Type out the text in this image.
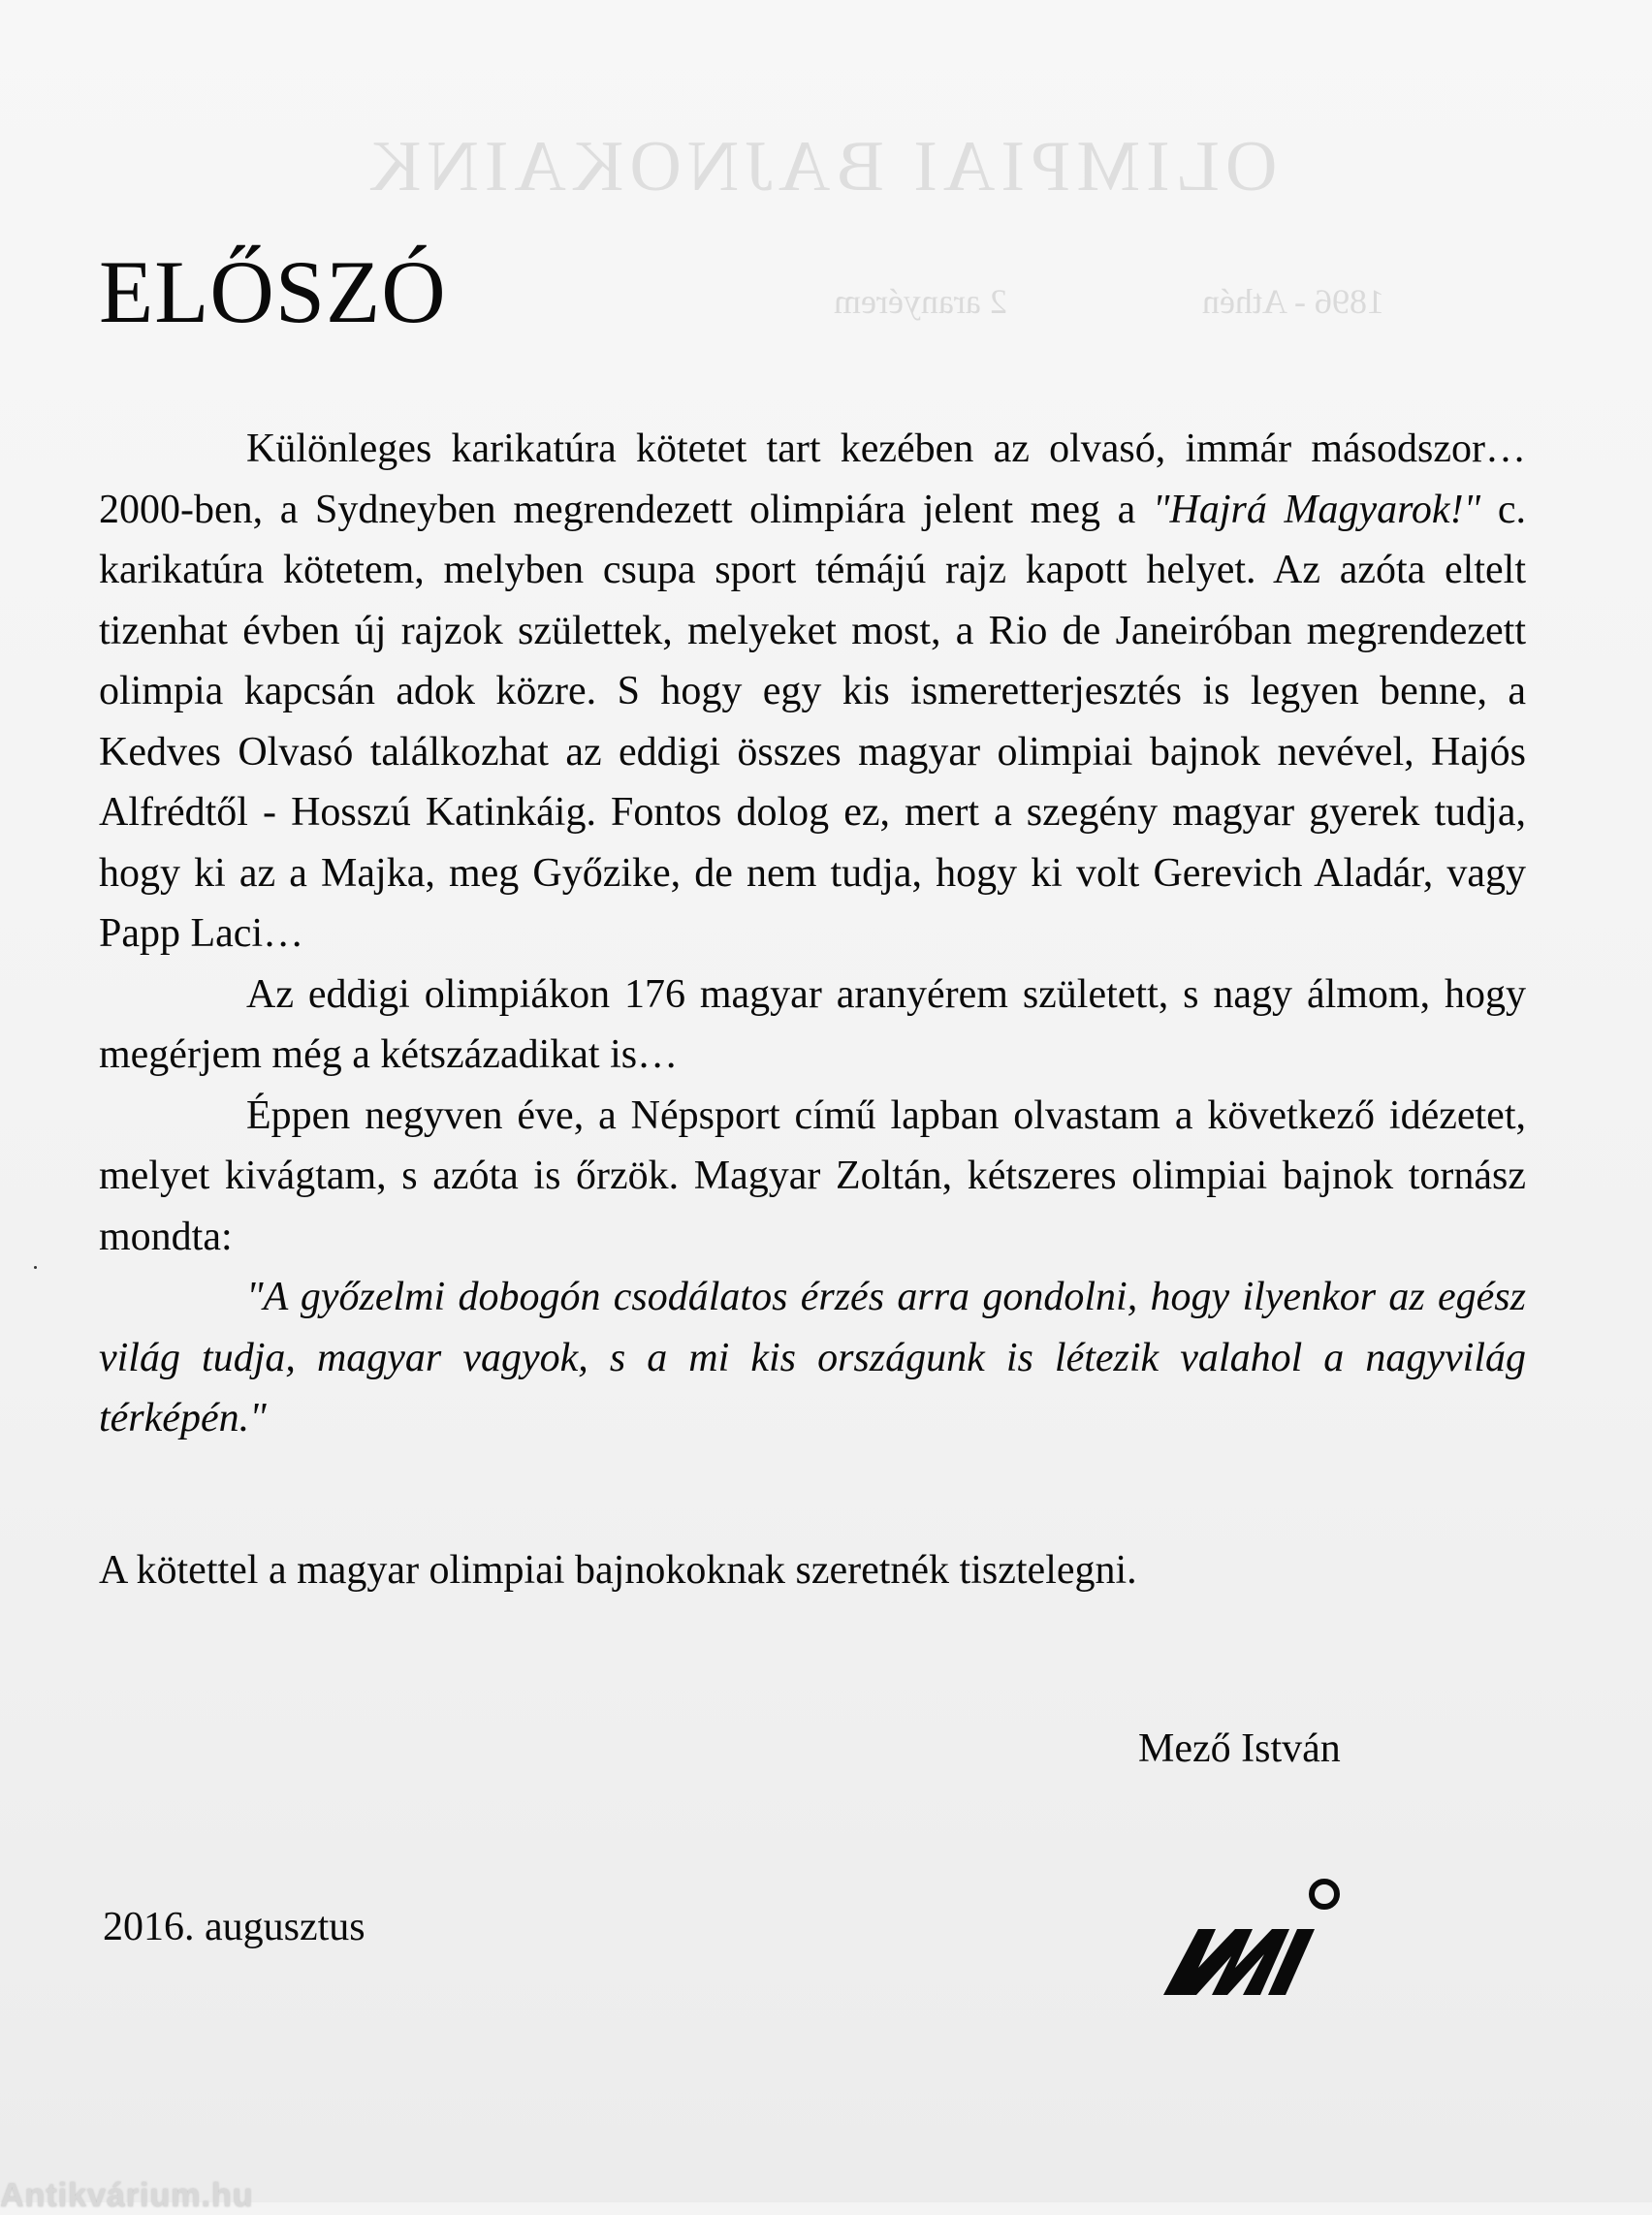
OLIMPIAI BAJNOKAINK
1896 - Athén
2 aranyérem
ELŐSZÓ

Különleges karikatúra kötetet tart kezében az olvasó, immár másodszor… 2000-ben, a Sydneyben megrendezett olimpiára jelent meg a "Hajrá Magyarok!" c. karikatúra kötetem, melyben csupa sport témájú rajz kapott helyet. Az azóta eltelt tizenhat évben új rajzok születtek, melyeket most, a Rio de Janeiróban megrendezett olimpia kapcsán adok közre. S hogy egy kis ismeretterjesztés is legyen benne, a Kedves Olvasó találkozhat az eddigi összes magyar olimpiai bajnok nevével, Hajós Alfrédtől - Hosszú Katinkáig. Fontos dolog ez, mert a szegény magyar gyerek tudja, hogy ki az a Majka, meg Győzike, de nem tudja, hogy ki volt Gerevich Aladár, vagy Papp Laci…

Az eddigi olimpiákon 176 magyar aranyérem született, s nagy álmom, hogy megérjem még a kétszázadikat is…

Éppen negyven éve, a Népsport című lapban olvastam a következő idézetet, melyet kivágtam, s azóta is őrzök. Magyar Zoltán, kétszeres olimpiai bajnok tornász mondta:

"A győzelmi dobogón csodálatos érzés arra gondolni, hogy ilyenkor az egész világ tudja, magyar vagyok, s a mi kis országunk is létezik valahol a nagyvilág térképén."

A kötettel a magyar olimpiai bajnokoknak szeretnék tisztelegni.

Mező István

2016. augusztus

Antikvárium.hu
